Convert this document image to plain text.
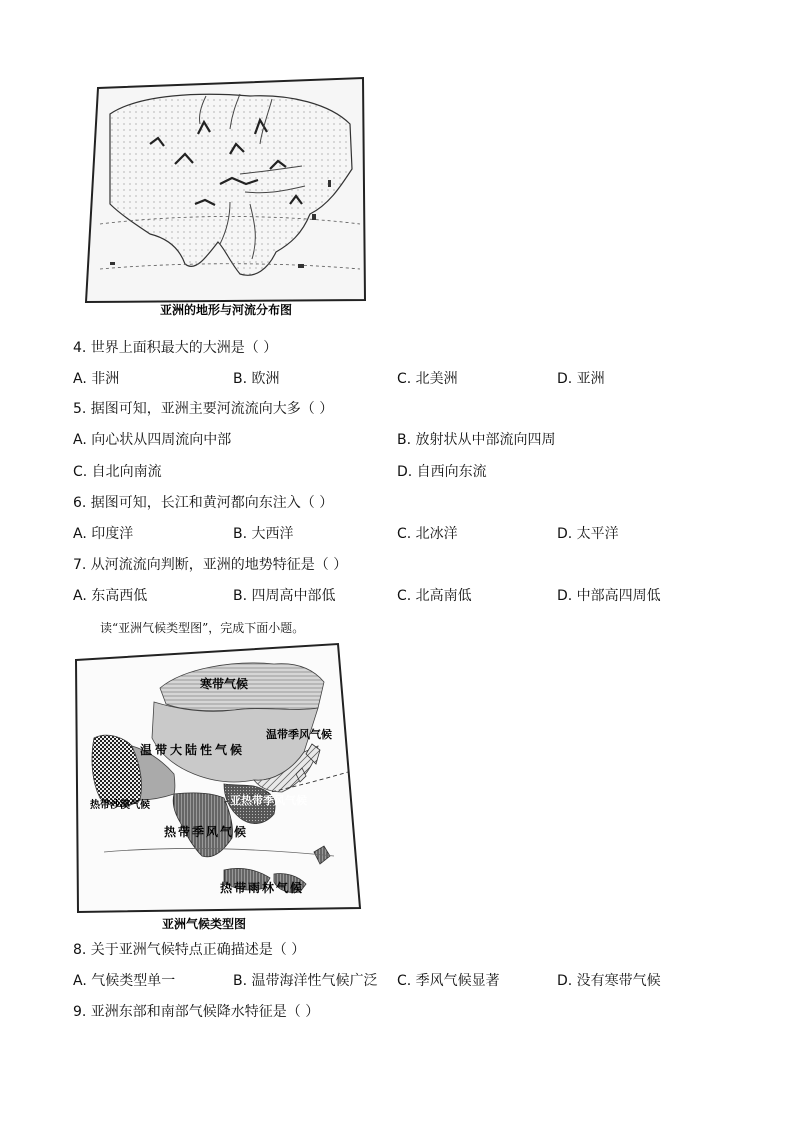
亚洲的地形与河流分布图
4. 世界上面积最大的大洲是（ ）
A. 非洲	B. 欧洲	C. 北美洲	D. 亚洲
5. 据图可知，亚洲主要河流流向大多（ ）
A. 向心状从四周流向中部	B. 放射状从中部流向四周
C. 自北向南流	D. 自西向东流
6. 据图可知，长江和黄河都向东注入（ ）
A. 印度洋	B. 大西洋	C. 北冰洋	D. 太平洋
7. 从河流流向判断，亚洲的地势特征是（ ）
A. 东高西低	B. 四周高中部低	C. 北高南低	D. 中部高四周低
读“亚洲气候类型图”，完成下面小题。
寒带气候
温带大陆性气候
温带季风气候
亚热带季风气候
热带季风气候
热带沙漠气候
热带雨林气候
亚洲气候类型图
8. 关于亚洲气候特点正确描述是（ ）
A. 气候类型单一	B. 温带海洋性气候广泛 C. 季风气候显著	D. 没有寒带气候
9. 亚洲东部和南部气候降水特征是（ ）
